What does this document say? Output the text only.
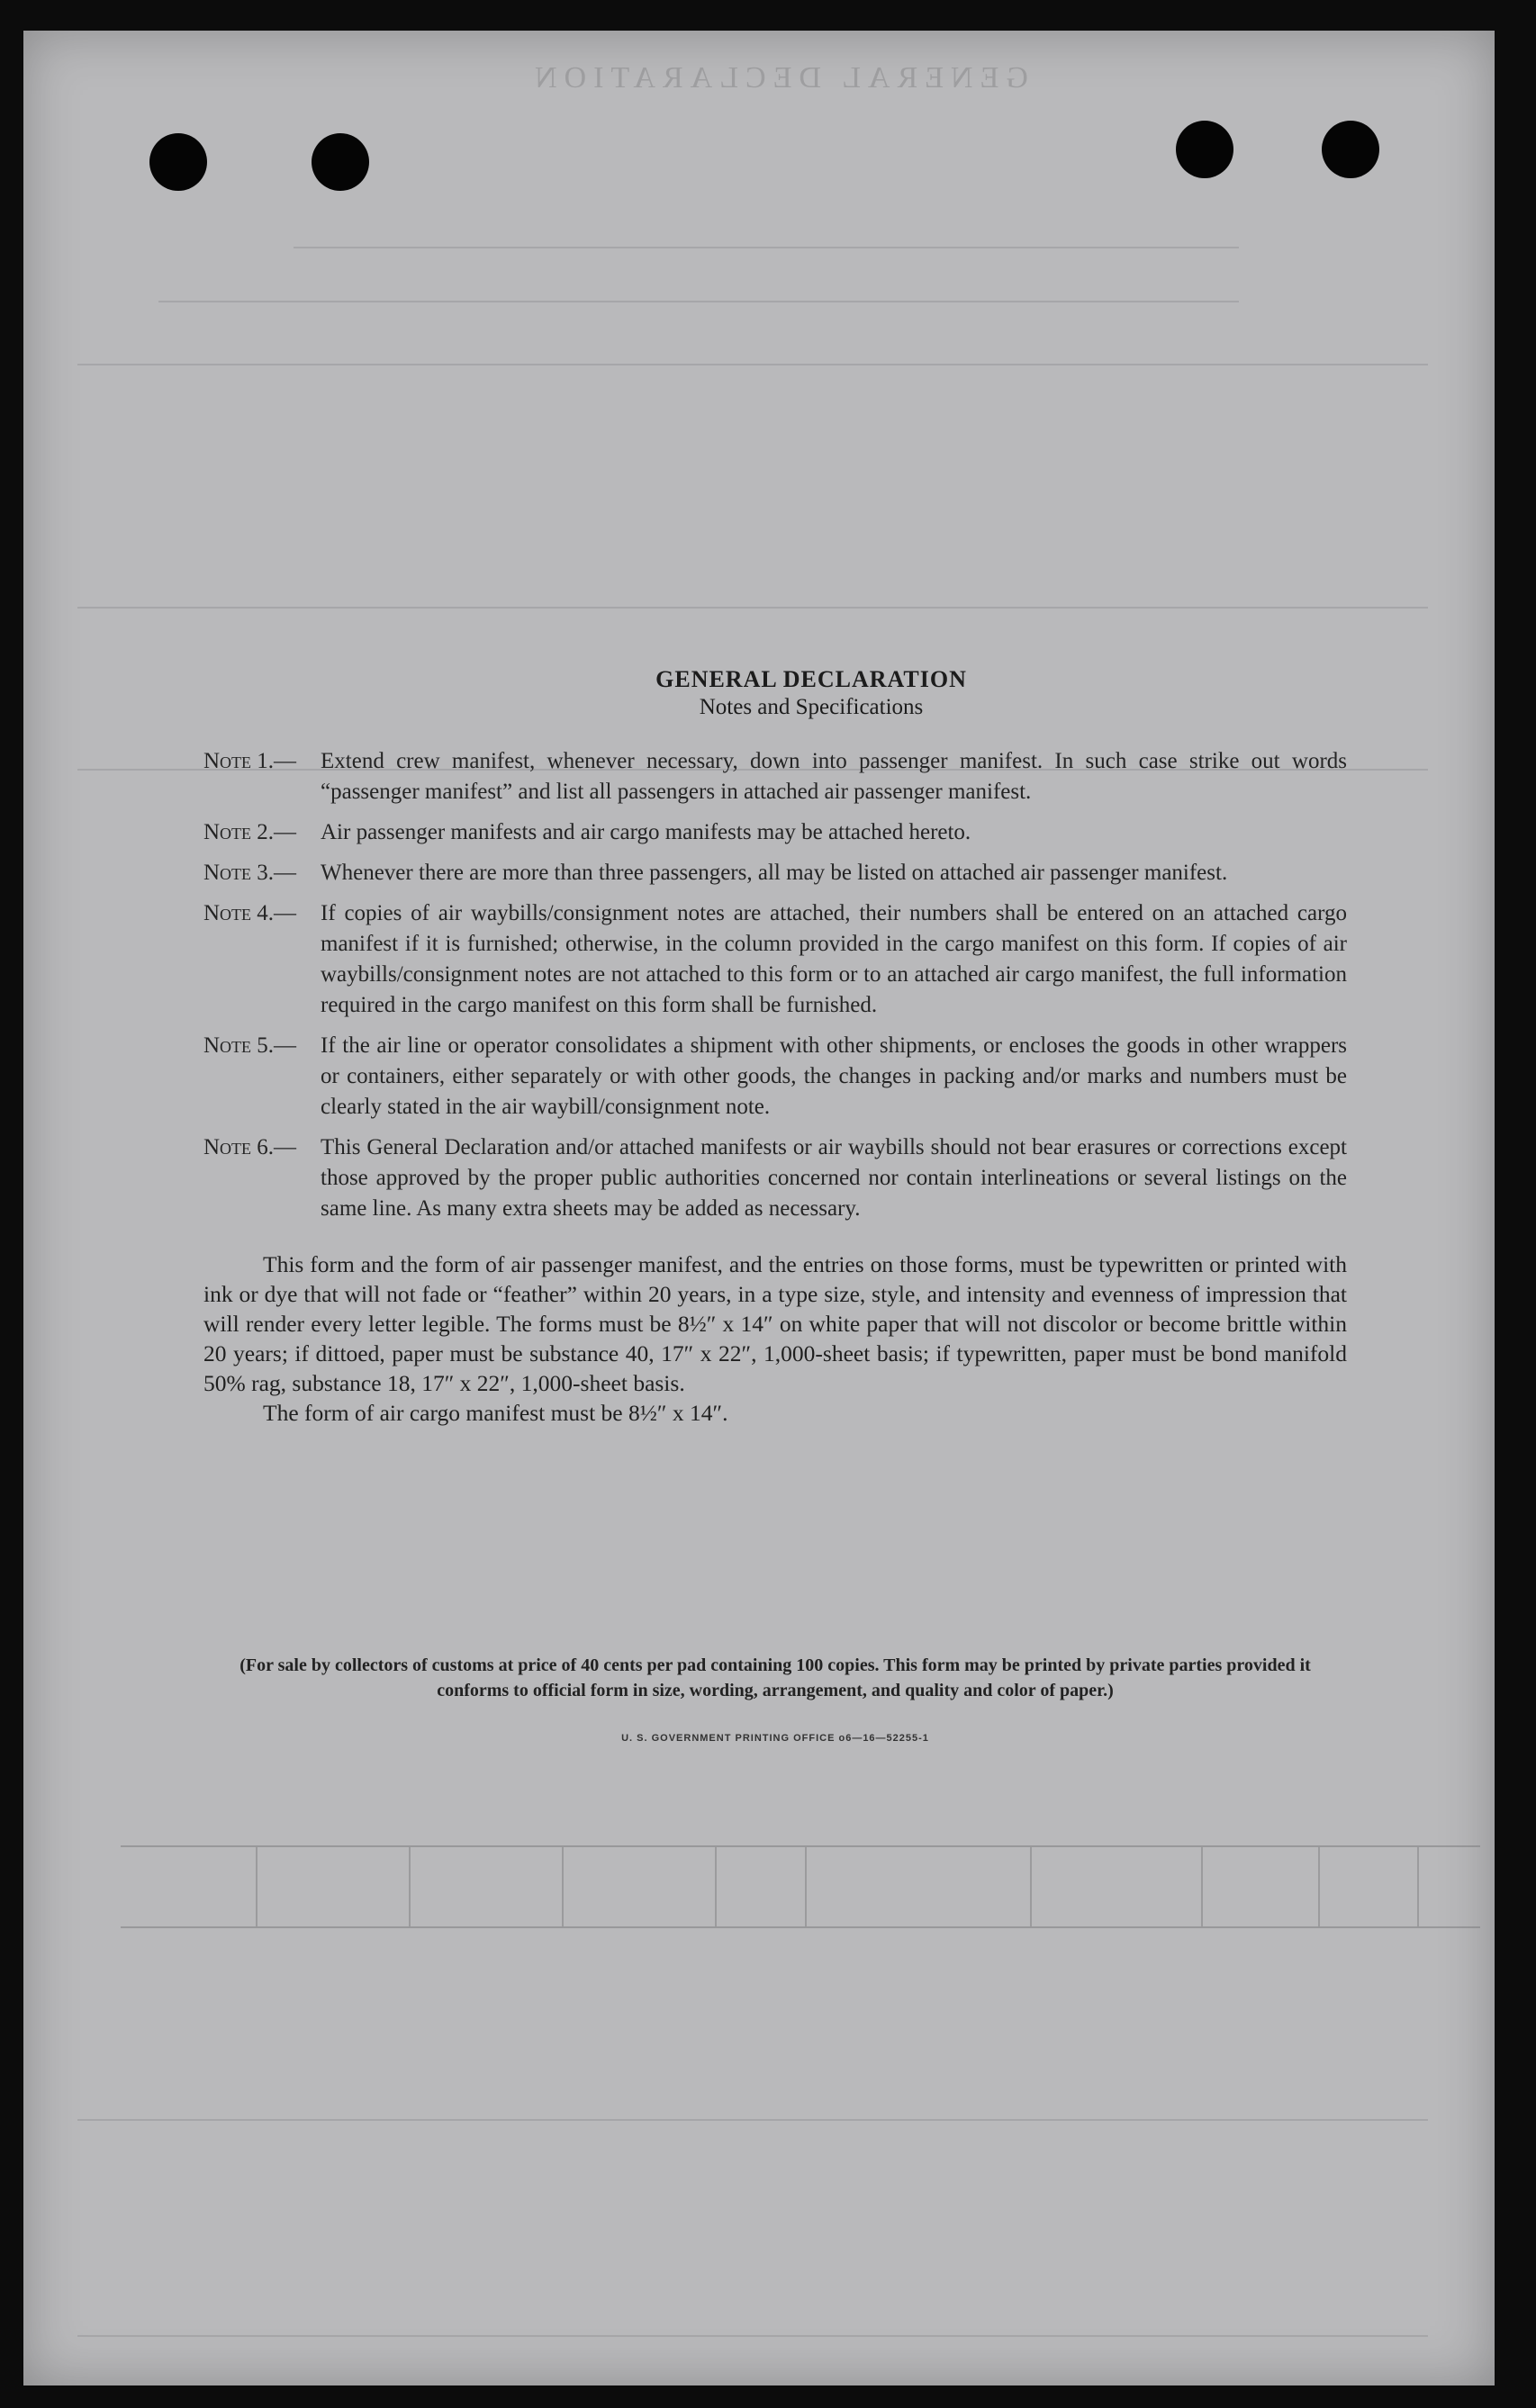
GENERAL DECLARATION
GENERAL DECLARATION
Notes and Specifications
Note 1.— Extend crew manifest, whenever necessary, down into passenger manifest. In such case strike out words “passenger manifest” and list all passengers in attached air passenger manifest.
Note 2.— Air passenger manifests and air cargo manifests may be attached hereto.
Note 3.— Whenever there are more than three passengers, all may be listed on attached air passenger manifest.
Note 4.— If copies of air waybills/consignment notes are attached, their numbers shall be entered on an attached cargo manifest if it is furnished; otherwise, in the column provided in the cargo manifest on this form. If copies of air waybills/consignment notes are not attached to this form or to an attached air cargo manifest, the full information required in the cargo manifest on this form shall be furnished.
Note 5.— If the air line or operator consolidates a shipment with other shipments, or encloses the goods in other wrappers or containers, either separately or with other goods, the changes in packing and/or marks and numbers must be clearly stated in the air waybill/consignment note.
Note 6.— This General Declaration and/or attached manifests or air waybills should not bear erasures or corrections except those approved by the proper public authorities concerned nor contain interlineations or several listings on the same line. As many extra sheets may be added as necessary.
This form and the form of air passenger manifest, and the entries on those forms, must be typewritten or printed with ink or dye that will not fade or “feather” within 20 years, in a type size, style, and intensity and evenness of impression that will render every letter legible. The forms must be 8½″ x 14″ on white paper that will not discolor or become brittle within 20 years; if dittoed, paper must be substance 40, 17″ x 22″, 1,000-sheet basis; if typewritten, paper must be bond manifold 50% rag, substance 18, 17″ x 22″, 1,000-sheet basis.
The form of air cargo manifest must be 8½″ x 14″.
(For sale by collectors of customs at price of 40 cents per pad containing 100 copies. This form may be printed by private parties provided it conforms to official form in size, wording, arrangement, and quality and color of paper.)
U. S. GOVERNMENT PRINTING OFFICE o6—16—52255-1
